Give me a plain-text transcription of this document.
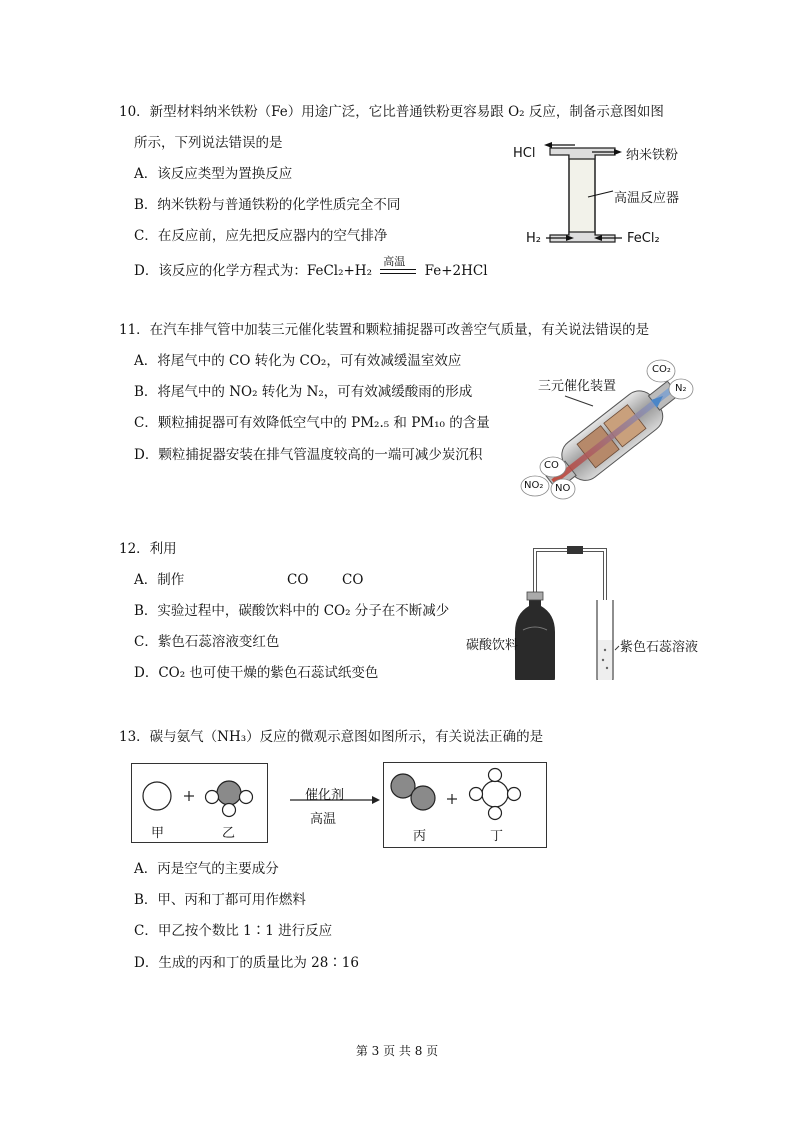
10．新型材料纳米铁粉（Fe）用途广泛，它比普通铁粉更容易跟 O₂ 反应，制备示意图如图
所示，下列说法错误的是
A．该反应类型为置换反应
B．纳米铁粉与普通铁粉的化学性质完全不同
C．在反应前，应先把反应器内的空气排净
D．该反应的化学方程式为：FeCl₂+H₂
高温
Fe+2HCl
HCl	纳米铁粉
高温反应器
H₂	FeCl₂
11．在汽车排气管中加装三元催化装置和颗粒捕捉器可改善空气质量，有关说法错误的是
A．将尾气中的 CO 转化为 CO₂，可有效减缓温室效应
B．将尾气中的 NO₂ 转化为 N₂，可有效减缓酸雨的形成
C．颗粒捕捉器可有效降低空气中的 PM₂.₅ 和 PM₁₀ 的含量
D．颗粒捕捉器安装在排气管温度较高的一端可减少炭沉积
三元催化装置
CO₂
N₂
CO
NO₂ NO
12．利用
A．制作	CO CO
B．实验过程中，碳酸饮料中的 CO₂ 分子在不断减少
C．紫色石蕊溶液变红色
D．CO₂ 也可使干燥的紫色石蕊试纸变色
碳酸饮料	紫色石蕊溶液
13．碳与氨气（NH₃）反应的微观示意图如图所示，有关说法正确的是
甲	乙
催化剂
高温
丙	丁
A．丙是空气的主要成分
B．甲、丙和丁都可用作燃料
C．甲乙按个数比 1∶1 进行反应
D．生成的丙和丁的质量比为 28∶16
第 3 页 共 8 页
